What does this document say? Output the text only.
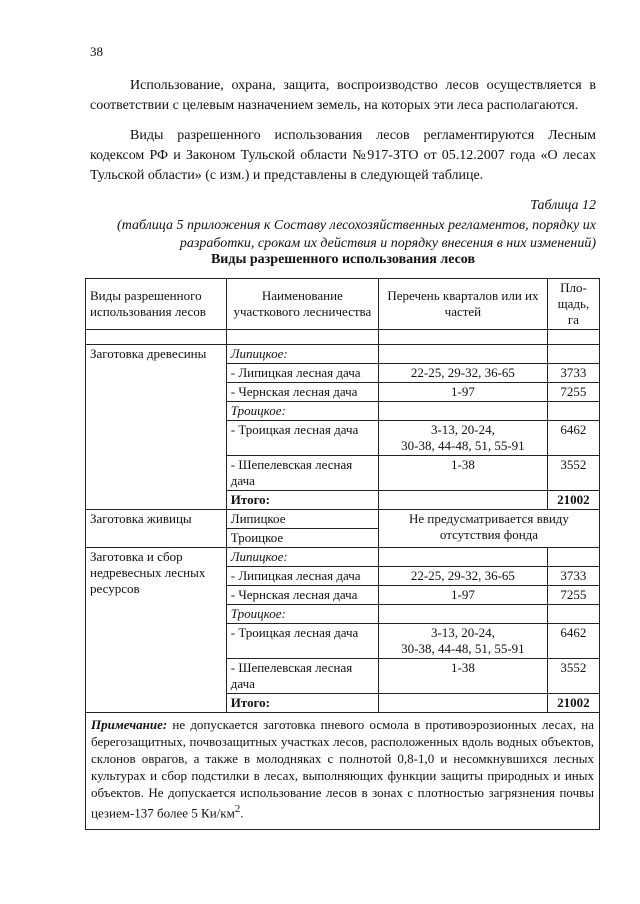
38

Использование, охрана, защита, воспроизводство лесов осуществляется в соответствии с целевым назначением земель, на которых эти леса располагаются.

Виды разрешенного использования лесов регламентируются Лесным кодексом РФ и Законом Тульской области №917-ЗТО от 05.12.2007 года «О лесах Тульской области» (с изм.) и представлены в следующей таблице.

Таблица 12

(таблица 5 приложения к Составу лесохозяйственных регламентов, порядку их разработки, срокам их действия и порядку внесения в них изменений)

Виды разрешенного использования лесов

Виды разрешенного использования лесов	Наименование участкового лесничества	Перечень кварталов или их частей	Пло-щадь, га

Заготовка древесины	Липицкое:		
	- Липицкая лесная дача	22-25, 29-32, 36-65	3733
	- Чернская лесная дача	1-97	7255
	Троицкое:		
	- Троицкая лесная дача	3-13, 20-24,
30-38, 44-48, 51, 55-91	6462
	- Шепелевская лесная дача	1-38	3552
	Итого:		21002
Заготовка живицы	Липицкое	Не предусматривается ввиду отсутствия фонда	
	Троицкое		
Заготовка и сбор недревесных лесных ресурсов	Липицкое:		
	- Липицкая лесная дача	22-25, 29-32, 36-65	3733
	- Чернская лесная дача	1-97	7255
	Троицкое:		
	- Троицкая лесная дача	3-13, 20-24,
30-38, 44-48, 51, 55-91	6462
	- Шепелевская лесная дача	1-38	3552
	Итого:		21002
Примечание: не допускается заготовка пневого осмола в противоэрозионных лесах, на берегозащитных, почвозащитных участках лесов, расположенных вдоль водных объектов, склонов оврагов, а также в молодняках с полнотой 0,8-1,0 и несомкнувшихся лесных культурах и сбор подстилки в лесах, выполняющих функции защиты природных и иных объектов. Не допускается использование лесов в зонах с плотностью загрязнения почвы цезием-137 более 5 $Ки/км^2$.			
